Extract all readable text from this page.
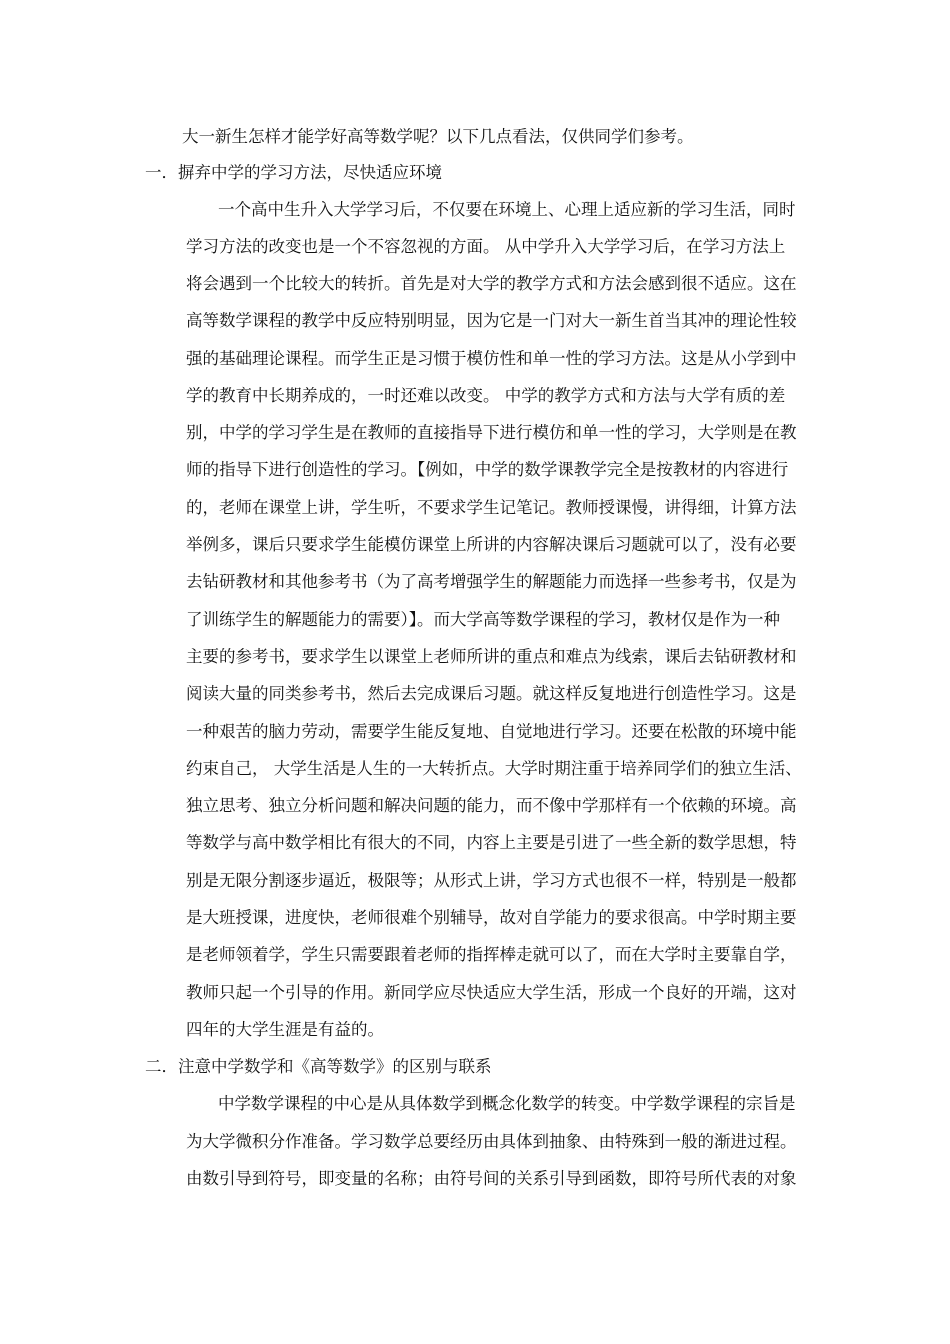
大一新生怎样才能学好高等数学呢？以下几点看法，仅供同学们参考。
一．摒弃中学的学习方法，尽快适应环境
一个高中生升入大学学习后，不仅要在环境上、心理上适应新的学习生活，同时
学习方法的改变也是一个不容忽视的方面。 从中学升入大学学习后，在学习方法上
将会遇到一个比较大的转折。首先是对大学的教学方式和方法会感到很不适应。这在
高等数学课程的教学中反应特别明显，因为它是一门对大一新生首当其冲的理论性较
强的基础理论课程。而学生正是习惯于模仿性和单一性的学习方法。这是从小学到中
学的教育中长期养成的，一时还难以改变。 中学的教学方式和方法与大学有质的差
别，中学的学习学生是在教师的直接指导下进行模仿和单一性的学习，大学则是在教
师的指导下进行创造性的学习。【例如，中学的数学课教学完全是按教材的内容进行
的，老师在课堂上讲，学生听，不要求学生记笔记。教师授课慢，讲得细，计算方法
举例多，课后只要求学生能模仿课堂上所讲的内容解决课后习题就可以了，没有必要
去钻研教材和其他参考书（为了高考增强学生的解题能力而选择一些参考书，仅是为
了训练学生的解题能力的需要）】。而大学高等数学课程的学习，教材仅是作为一种
主要的参考书，要求学生以课堂上老师所讲的重点和难点为线索，课后去钻研教材和
阅读大量的同类参考书，然后去完成课后习题。就这样反复地进行创造性学习。这是
一种艰苦的脑力劳动，需要学生能反复地、自觉地进行学习。还要在松散的环境中能
约束自己， 大学生活是人生的一大转折点。大学时期注重于培养同学们的独立生活、
独立思考、独立分析问题和解决问题的能力，而不像中学那样有一个依赖的环境。高
等数学与高中数学相比有很大的不同，内容上主要是引进了一些全新的数学思想，特
别是无限分割逐步逼近，极限等；从形式上讲，学习方式也很不一样，特别是一般都
是大班授课，进度快，老师很难个别辅导，故对自学能力的要求很高。中学时期主要
是老师领着学，学生只需要跟着老师的指挥棒走就可以了，而在大学时主要靠自学，
教师只起一个引导的作用。新同学应尽快适应大学生活，形成一个良好的开端，这对
四年的大学生涯是有益的。
二．注意中学数学和《高等数学》的区别与联系
中学数学课程的中心是从具体数学到概念化数学的转变。中学数学课程的宗旨是
为大学微积分作准备。学习数学总要经历由具体到抽象、由特殊到一般的渐进过程。
由数引导到符号，即变量的名称；由符号间的关系引导到函数，即符号所代表的对象
